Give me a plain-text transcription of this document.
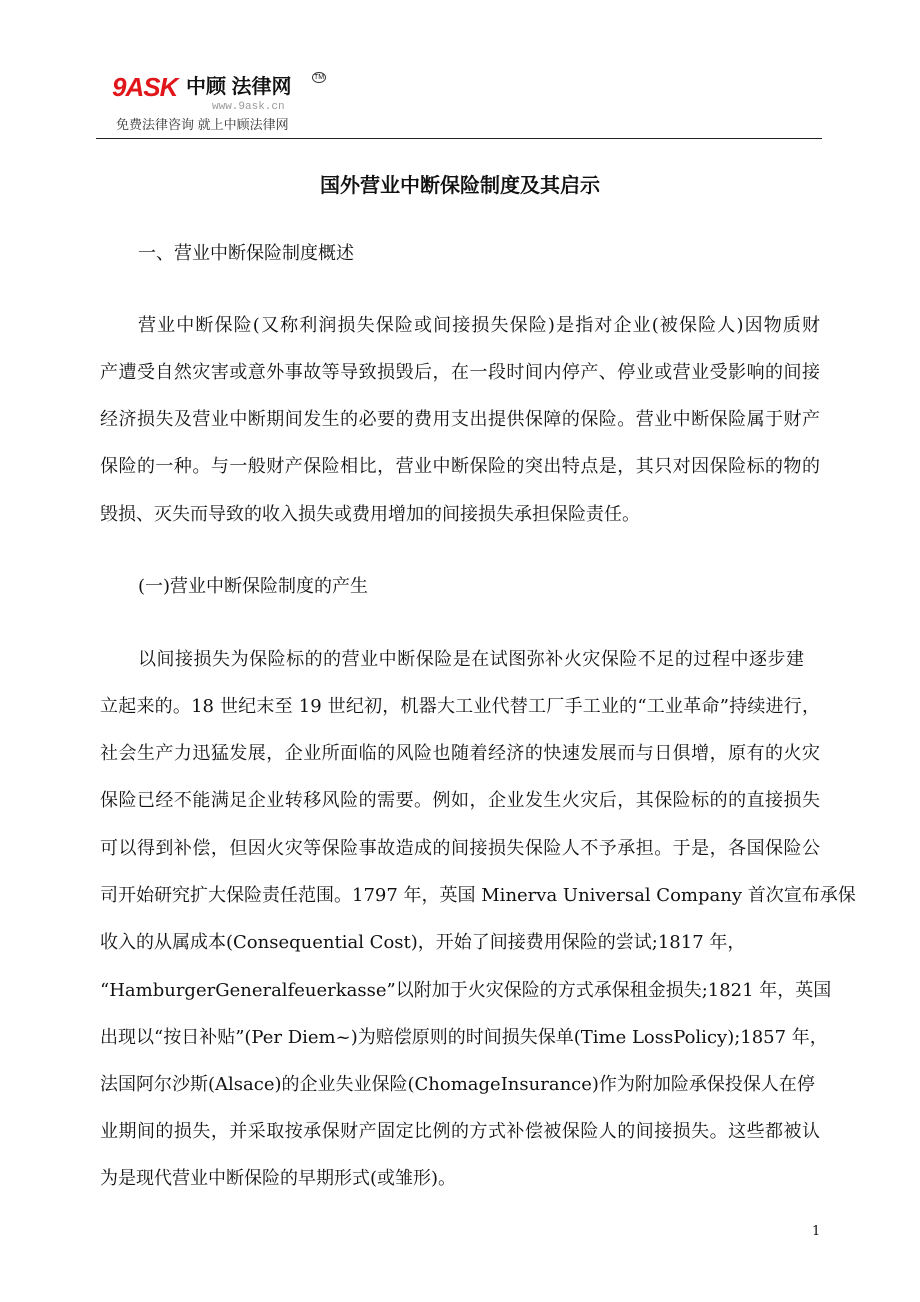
9ASK 中顾 法律网	TM
www.9ask.cn
免费法律咨询 就上中顾法律网
国外营业中断保险制度及其启示
一、营业中断保险制度概述
营业中断保险(又称利润损失保险或间接损失保险)是指对企业(被保险人)因物质财
产遭受自然灾害或意外事故等导致损毁后，在一段时间内停产、停业或营业受影响的间接
经济损失及营业中断期间发生的必要的费用支出提供保障的保险。营业中断保险属于财产
保险的一种。与一般财产保险相比，营业中断保险的突出特点是，其只对因保险标的物的
毁损、灭失而导致的收入损失或费用增加的间接损失承担保险责任。
(一)营业中断保险制度的产生
以间接损失为保险标的的营业中断保险是在试图弥补火灾保险不足的过程中逐步建
立起来的。18 世纪末至 19 世纪初，机器大工业代替工厂手工业的“工业革命”持续进行，
社会生产力迅猛发展，企业所面临的风险也随着经济的快速发展而与日俱增，原有的火灾
保险已经不能满足企业转移风险的需要。例如，企业发生火灾后，其保险标的的直接损失
可以得到补偿，但因火灾等保险事故造成的间接损失保险人不予承担。于是，各国保险公
司开始研究扩大保险责任范围。1797 年，英国 Minerva Universal Company 首次宣布承保
收入的从属成本(Consequential Cost)，开始了间接费用保险的尝试;1817 年，
“HamburgerGeneralfeuerkasse”以附加于火灾保险的方式承保租金损失;1821 年，英国
出现以“按日补贴”(Per Diem~)为赔偿原则的时间损失保单(Time LossPolicy);1857 年，
法国阿尔沙斯(Alsace)的企业失业保险(ChomageInsurance)作为附加险承保投保人在停
业期间的损失，并采取按承保财产固定比例的方式补偿被保险人的间接损失。这些都被认
为是现代营业中断保险的早期形式(或雏形)。
1
